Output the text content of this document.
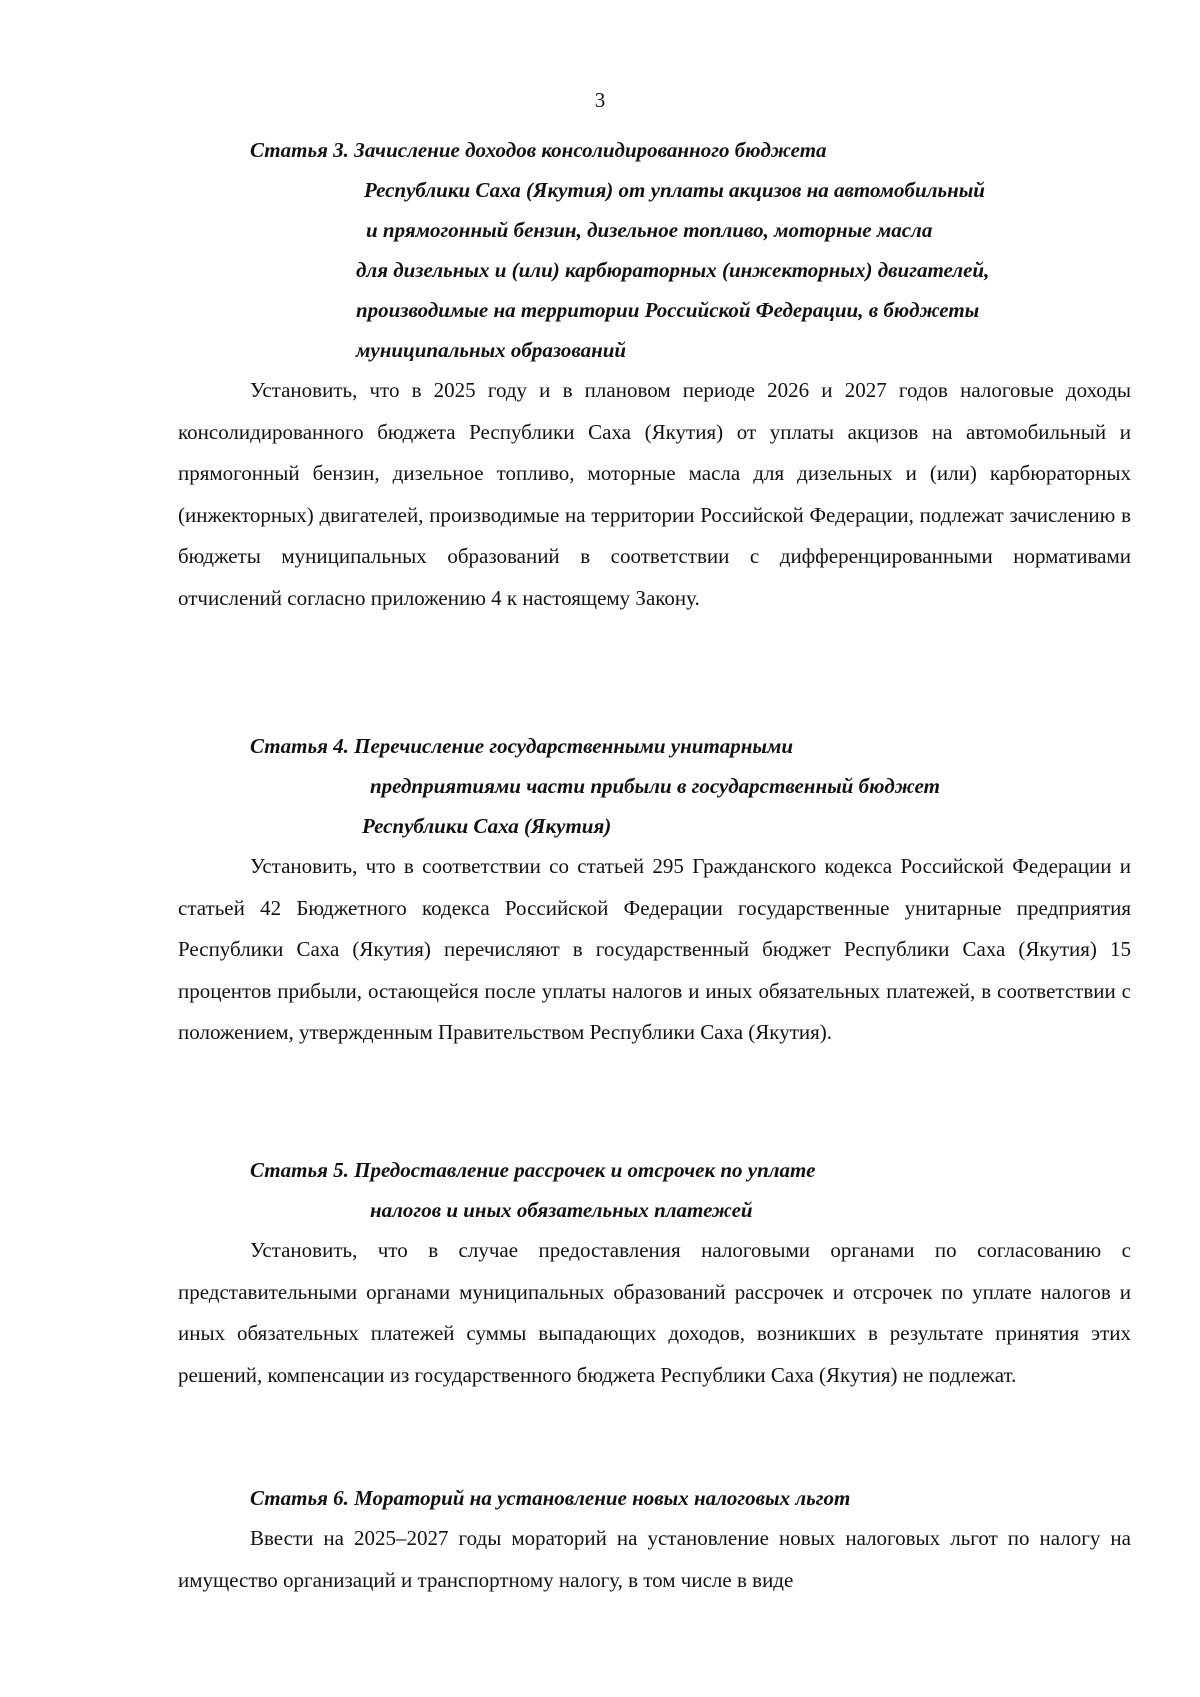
3
Статья 3. Зачисление доходов консолидированного бюджета
Республики Саха (Якутия) от уплаты акцизов на автомобильный
и прямогонный бензин, дизельное топливо, моторные масла
для дизельных и (или) карбюраторных (инжекторных) двигателей,
производимые на территории Российской Федерации, в бюджеты
муниципальных образований

Установить, что в 2025 году и в плановом периоде 2026 и 2027 годов налоговые доходы консолидированного бюджета Республики Саха (Якутия) от уплаты акцизов на автомобильный и прямогонный бензин, дизельное топливо, моторные масла для дизельных и (или) карбюраторных (инжекторных) двигателей, производимые на территории Российской Федерации, подлежат зачислению в бюджеты муниципальных образований в соответствии с дифференцированными нормативами отчислений согласно приложению 4 к настоящему Закону.

Статья 4. Перечисление государственными унитарными
предприятиями части прибыли в государственный бюджет
Республики Саха (Якутия)

Установить, что в соответствии со статьей 295 Гражданского кодекса Российской Федерации и статьей 42 Бюджетного кодекса Российской Федерации государственные унитарные предприятия Республики Саха (Якутия) перечисляют в государственный бюджет Республики Саха (Якутия) 15 процентов прибыли, остающейся после уплаты налогов и иных обязательных платежей, в соответствии с положением, утвержденным Правительством Республики Саха (Якутия).

Статья 5. Предоставление рассрочек и отсрочек по уплате
налогов и иных обязательных платежей

Установить, что в случае предоставления налоговыми органами по согласованию с представительными органами муниципальных образований рассрочек и отсрочек по уплате налогов и иных обязательных платежей суммы выпадающих доходов, возникших в результате принятия этих решений, компенсации из государственного бюджета Республики Саха (Якутия) не подлежат.

Статья 6. Мораторий на установление новых налоговых льгот

Ввести на 2025–2027 годы мораторий на установление новых налоговых льгот по налогу на имущество организаций и транспортному налогу, в том числе в виде
